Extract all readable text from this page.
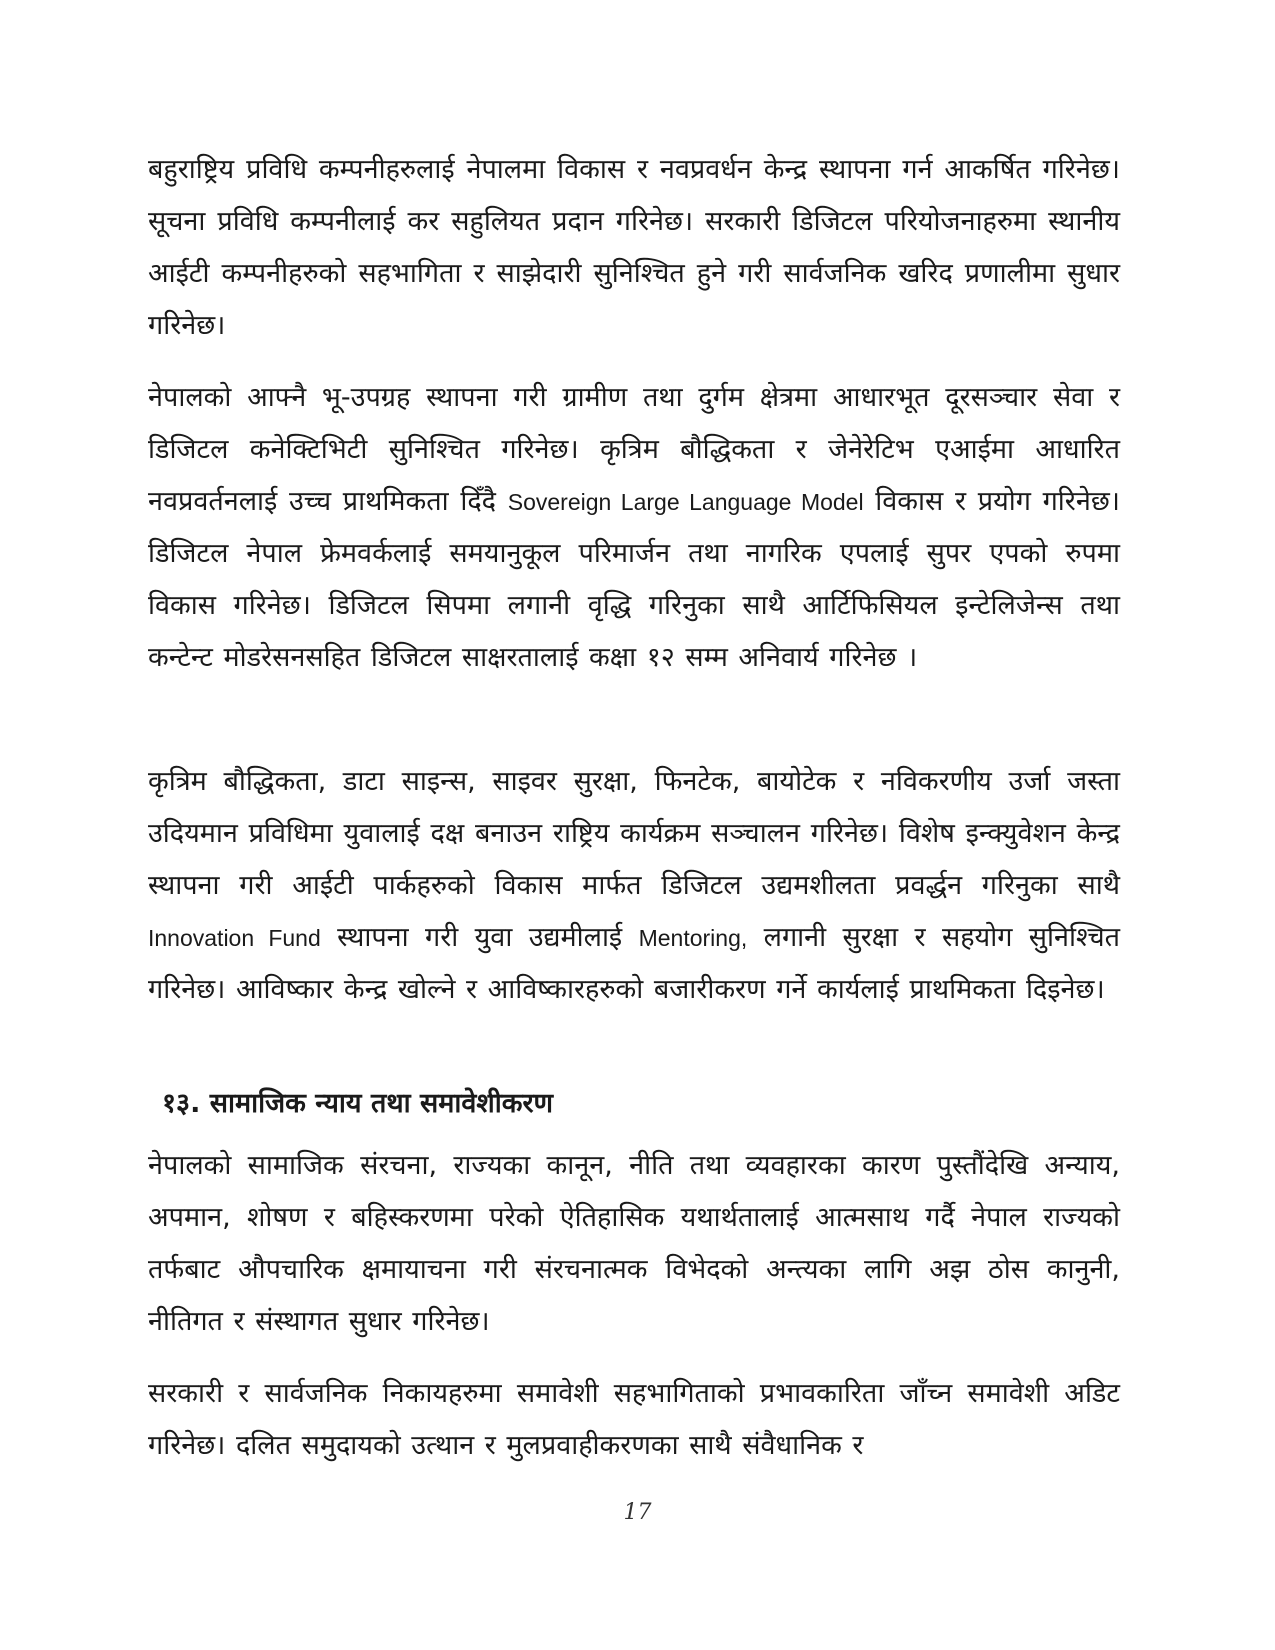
बहुराष्ट्रिय प्रविधि कम्पनीहरुलाई नेपालमा विकास र नवप्रवर्धन केन्द्र स्थापना गर्न आकर्षित गरिनेछ। सूचना प्रविधि कम्पनीलाई कर सहुलियत प्रदान गरिनेछ। सरकारी डिजिटल परियोजनाहरुमा स्थानीय आईटी कम्पनीहरुको सहभागिता र साझेदारी सुनिश्चित हुने गरी सार्वजनिक खरिद प्रणालीमा सुधार गरिनेछ।

नेपालको आफ्नै भू-उपग्रह स्थापना गरी ग्रामीण तथा दुर्गम क्षेत्रमा आधारभूत दूरसञ्चार सेवा र डिजिटल कनेक्टिभिटी सुनिश्चित गरिनेछ। कृत्रिम बौद्धिकता र जेनेरेटिभ एआईमा आधारित नवप्रवर्तनलाई उच्च प्राथमिकता दिँदै Sovereign Large Language Model विकास र प्रयोग गरिनेछ। डिजिटल नेपाल फ्रेमवर्कलाई समयानुकूल परिमार्जन तथा नागरिक एपलाई सुपर एपको रुपमा विकास गरिनेछ। डिजिटल सिपमा लगानी वृद्धि गरिनुका साथै आर्टिफिसियल इन्टेलिजेन्स तथा कन्टेन्ट मोडरेसनसहित डिजिटल साक्षरतालाई कक्षा १२ सम्म अनिवार्य गरिनेछ ।

कृत्रिम बौद्धिकता, डाटा साइन्स, साइवर सुरक्षा, फिनटेक, बायोटेक र नविकरणीय उर्जा जस्ता उदियमान प्रविधिमा युवालाई दक्ष बनाउन राष्ट्रिय कार्यक्रम सञ्चालन गरिनेछ। विशेष इन्क्युवेशन केन्द्र स्थापना गरी आईटी पार्कहरुको विकास मार्फत डिजिटल उद्यमशीलता प्रवर्द्धन गरिनुका साथै Innovation Fund स्थापना गरी युवा उद्यमीलाई Mentoring, लगानी सुरक्षा र सहयोग सुनिश्चित गरिनेछ। आविष्कार केन्द्र खोल्ने र आविष्कारहरुको बजारीकरण गर्ने कार्यलाई प्राथमिकता दिइनेछ।

१३. सामाजिक न्याय तथा समावेशीकरण

नेपालको सामाजिक संरचना, राज्यका कानून, नीति तथा व्यवहारका कारण पुस्तौंदेखि अन्याय, अपमान, शोषण र बहिस्करणमा परेको ऐतिहासिक यथार्थतालाई आत्मसाथ गर्दै नेपाल राज्यको तर्फबाट औपचारिक क्षमायाचना गरी संरचनात्मक विभेदको अन्त्यका लागि अझ ठोस कानुनी, नीतिगत र संस्थागत सुधार गरिनेछ।

सरकारी र सार्वजनिक निकायहरुमा समावेशी सहभागिताको प्रभावकारिता जाँच्न समावेशी अडिट गरिनेछ। दलित समुदायको उत्थान र मुलप्रवाहीकरणका साथै संवैधानिक र

17
